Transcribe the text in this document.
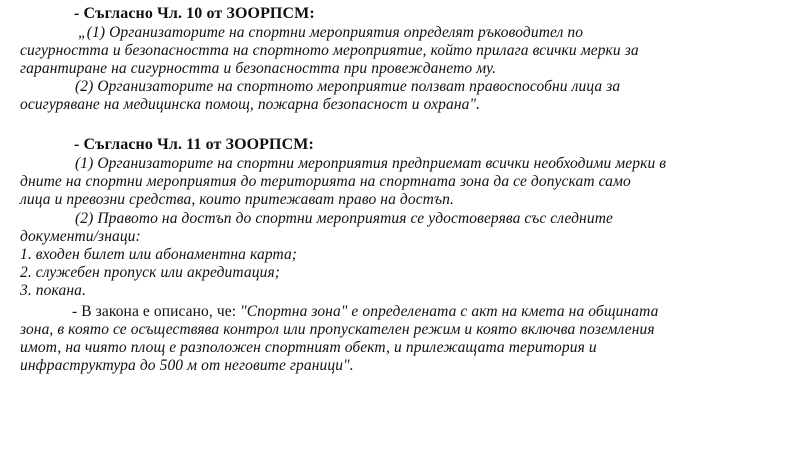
- Съгласно Чл. 10 от ЗООРПСМ:
„(1) Организаторите на спортни мероприятия определят ръководител по
сигурността и безопасността на спортното мероприятие, който прилага всички мерки за
гарантиране на сигурността и безопасността при провеждането му.
(2) Организаторите на спортното мероприятие ползват правоспособни лица за
осигуряване на медицинска помощ, пожарна безопасност и охрана".
- Съгласно Чл. 11 от ЗООРПСМ:
(1) Организаторите на спортни мероприятия предприемат всички необходими мерки в
дните на спортни мероприятия до територията на спортната зона да се допускат само
лица и превозни средства, които притежават право на достъп.
(2) Правото на достъп до спортни мероприятия се удостоверява със следните
документи/знаци:
1. входен билет или абонаментна карта;
2. служебен пропуск или акредитация;
3. покана.
- В закона е описано, че: "Спортна зона" е определената с акт на кмета на общината
зона, в която се осъществява контрол или пропускателен режим и която включва поземления
имот, на чиято площ е разположен спортният обект, и прилежащата територия и
инфраструктура до 500 м от неговите граници".
